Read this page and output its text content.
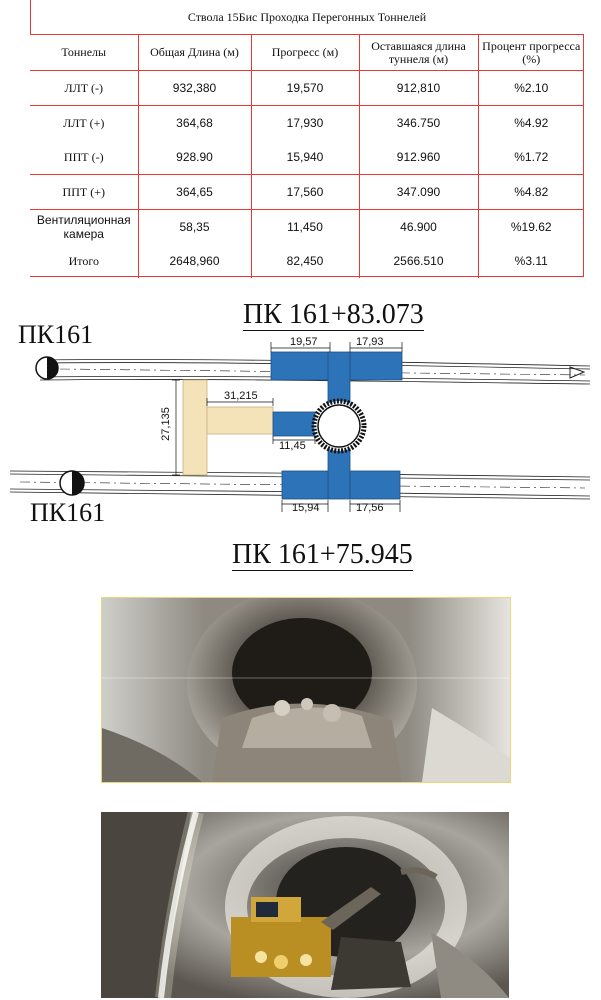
Ствола 15Бис Проходка Перегонных Тоннелей
Тоннелы	Общая Длина (м)	Прогресс (м)	Оставшаяся длина туннеля (м)	Процент прогресса (%)
ЛЛТ (-)	932,380	19,570	912,810	%2.10
ЛЛТ (+)	364,68	17,930	346.750	%4.92
ППТ (-)	928.90	15,940	912.960	%1.72
ППТ (+)	364,65	17,560	347.090	%4.82
Вентиляционная камера	58,35	11,450	46.900	%19.62
Итого	2648,960	82,450	2566.510	%3.11
ПК 161+83.073
ПК161
ПК161
ПК 161+75.945
19,57	17,93
31,215
11,45
27,135
15,94	17,56
